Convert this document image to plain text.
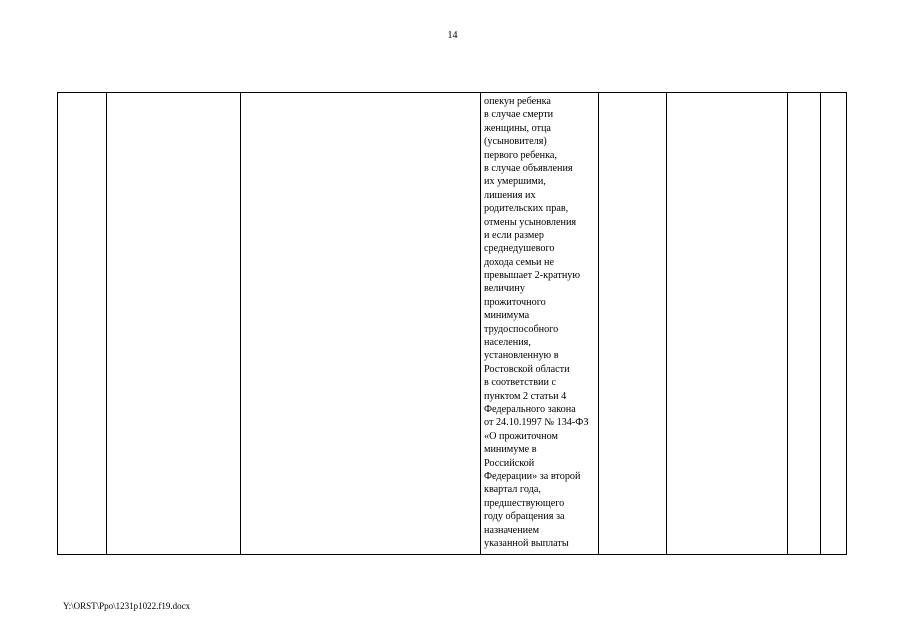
14

опекун ребенка
в случае смерти
женщины, отца
(усыновителя)
первого ребенка,
в случае объявления
их умершими,
лишения их
родительских прав,
отмены усыновления
и если размер
среднедушевого
дохода семьи не
превышает 2-кратную
величину
прожиточного
минимума
трудоспособного
населения,
установленную в
Ростовской области
в соответствии с
пунктом 2 статьи 4
Федерального закона
от 24.10.1997 № 134-ФЗ
«О прожиточном
минимуме в
Российской
Федерации» за второй
квартал года,
предшествующего
году обращения за
назначением
указанной выплаты

Y:\ORST\Ppo\1231p1022.f19.docx
